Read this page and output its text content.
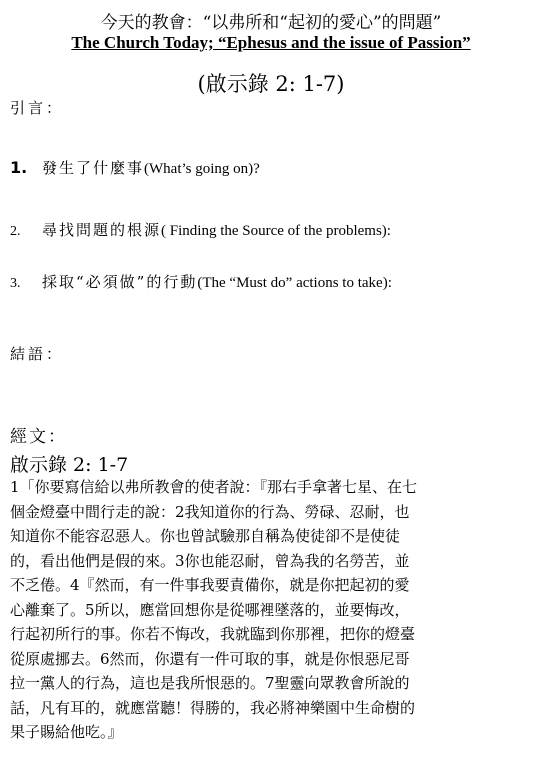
今天的教會：“以弗所和“起初的愛心”的問題”
The Church Today; “Ephesus and the issue of Passion”
(啟示錄 2: 1-7)
引言：
1. 發生了什麼事(What’s going on)?
2. 尋找問題的根源( Finding the Source of the problems):
3. 採取“必須做”的行動(The “Must do” actions to take):
結語：
經文：
啟示錄 2: 1-7
1「你要寫信給以弗所教會的使者說：『那右手拿著七星、在七
個金燈臺中間行走的說：2我知道你的行為、勞碌、忍耐，也
知道你不能容忍惡人。你也曾試驗那自稱為使徒卻不是使徒
的，看出他們是假的來。3你也能忍耐，曾為我的名勞苦，並
不乏倦。4『然而，有一件事我要責備你，就是你把起初的愛
心離棄了。5所以，應當回想你是從哪裡墜落的，並要悔改，
行起初所行的事。你若不悔改，我就臨到你那裡，把你的燈臺
從原處挪去。6然而，你還有一件可取的事，就是你恨惡尼哥
拉一黨人的行為，這也是我所恨惡的。7聖靈向眾教會所說的
話，凡有耳的，就應當聽！得勝的，我必將神樂園中生命樹的
果子賜給他吃。』
